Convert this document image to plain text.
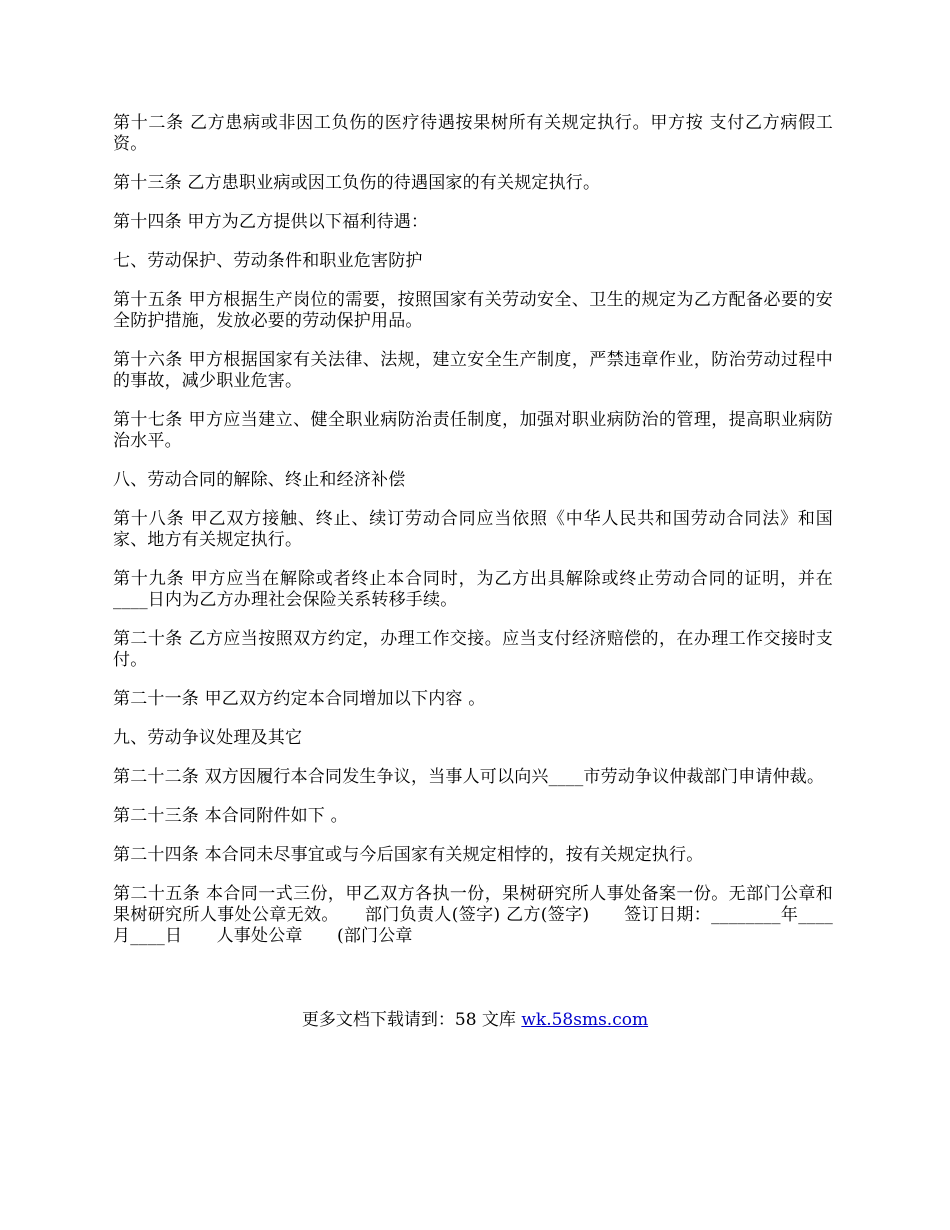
第十二条 乙方患病或非因工负伤的医疗待遇按果树所有关规定执行。甲方按 支付乙方病假工资。

第十三条 乙方患职业病或因工负伤的待遇国家的有关规定执行。

第十四条 甲方为乙方提供以下福利待遇：

七、劳动保护、劳动条件和职业危害防护

第十五条 甲方根据生产岗位的需要，按照国家有关劳动安全、卫生的规定为乙方配备必要的安全防护措施，发放必要的劳动保护用品。

第十六条 甲方根据国家有关法律、法规，建立安全生产制度，严禁违章作业，防治劳动过程中的事故，减少职业危害。

第十七条 甲方应当建立、健全职业病防治责任制度，加强对职业病防治的管理，提高职业病防治水平。

八、劳动合同的解除、终止和经济补偿

第十八条 甲乙双方接触、终止、续订劳动合同应当依照《中华人民共和国劳动合同法》和国家、地方有关规定执行。

第十九条 甲方应当在解除或者终止本合同时，为乙方出具解除或终止劳动合同的证明，并在____日内为乙方办理社会保险关系转移手续。

第二十条 乙方应当按照双方约定，办理工作交接。应当支付经济赔偿的，在办理工作交接时支付。

第二十一条 甲乙双方约定本合同增加以下内容 。

九、劳动争议处理及其它

第二十二条 双方因履行本合同发生争议，当事人可以向兴____市劳动争议仲裁部门申请仲裁。

第二十三条 本合同附件如下 。

第二十四条 本合同未尽事宜或与今后国家有关规定相悖的，按有关规定执行。

第二十五条 本合同一式三份，甲乙双方各执一份，果树研究所人事处备案一份。无部门公章和果树研究所人事处公章无效。　　部门负责人(签字) 乙方(签字)　　签订日期：________年____月____日　　人事处公章　　(部门公章

更多文档下载请到：58 文库 wk.58sms.com
